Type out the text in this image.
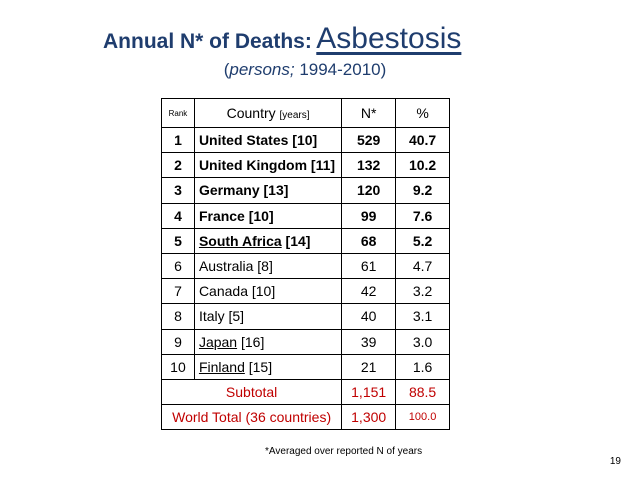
Annual N* of Deaths: Asbestosis
(persons; 1994-2010)
Rank	Country [years]	N*	%
1	United States [10]	529	40.7
2	United Kingdom [11]	132	10.2
3	Germany [13]	120	9.2
4	France [10]	99	7.6
5	South Africa [14]	68	5.2
6	Australia [8]	61	4.7
7	Canada [10]	42	3.2
8	Italy [5]	40	3.1
9	Japan [16]	39	3.0
10	Finland [15]	21	1.6
Subtotal		1,151	88.5
World Total (36 countries)		1,300	100.0
*Averaged over reported N of years
19
